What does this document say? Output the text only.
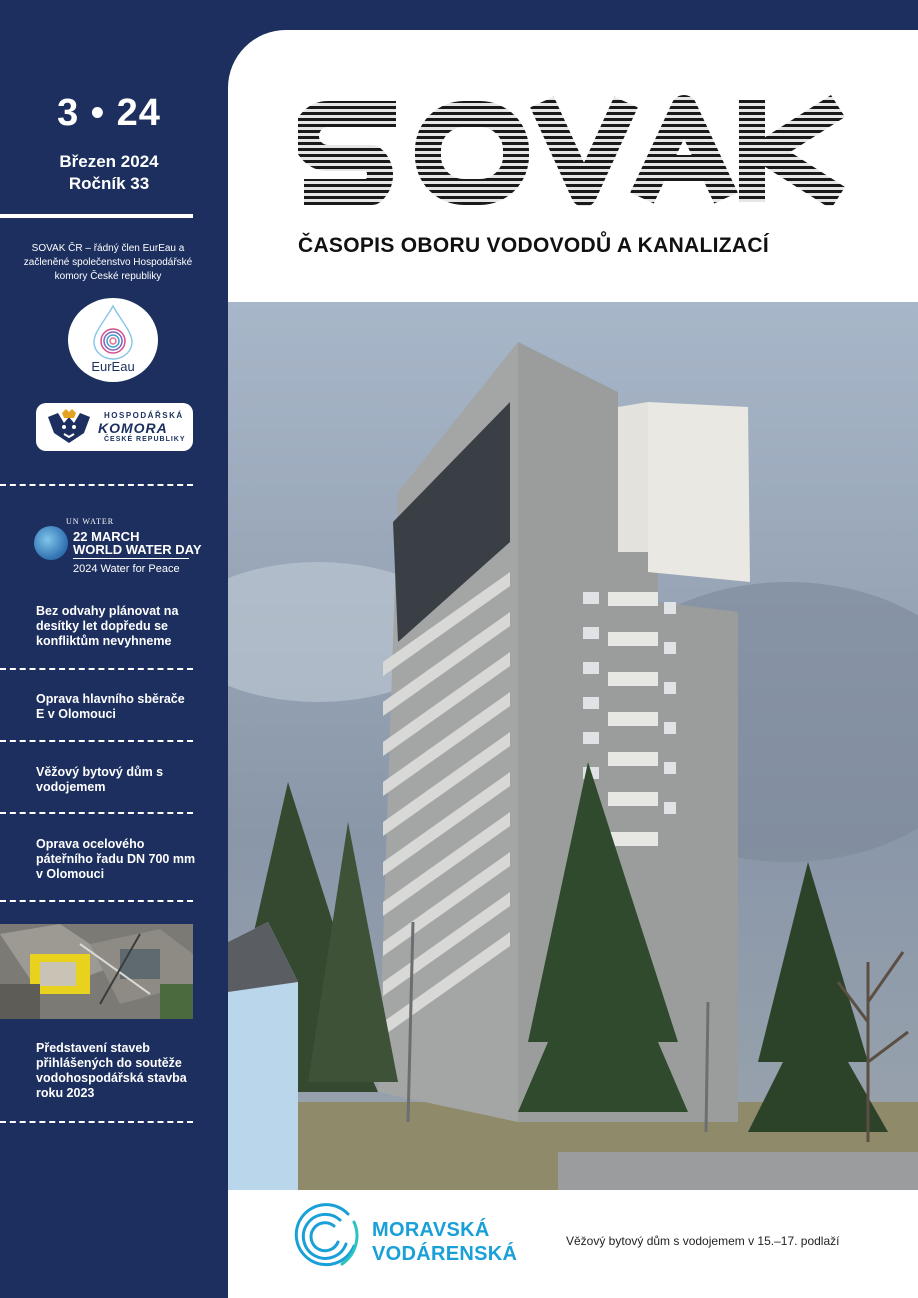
3 • 24
Březen 2024
Ročník 33
SOVAK ČR – řádný člen EurEau a začleněné společenstvo Hospodářské komory České republiky
EurEau
HOSPODÁŘSKÁ
KOMORA
ČESKÉ REPUBLIKY
UN WATER
22 MARCH
WORLD WATER DAY
2024 Water for Peace
Bez odvahy plánovat na desítky let dopředu se konfliktům nevyhneme
Oprava hlavního sběrače E v Olomouci
Věžový bytový dům s vodojemem
Oprava ocelového páteřního řadu DN 700 mm v Olomouci
Představení staveb přihlášených do soutěže vodohospodářská stavba roku 2023
ČASOPIS OBORU VODOVODŮ A KANALIZACÍ
MORAVSKÁ
VODÁRENSKÁ
Věžový bytový dům s vodojemem v 15.–17. podlaží
